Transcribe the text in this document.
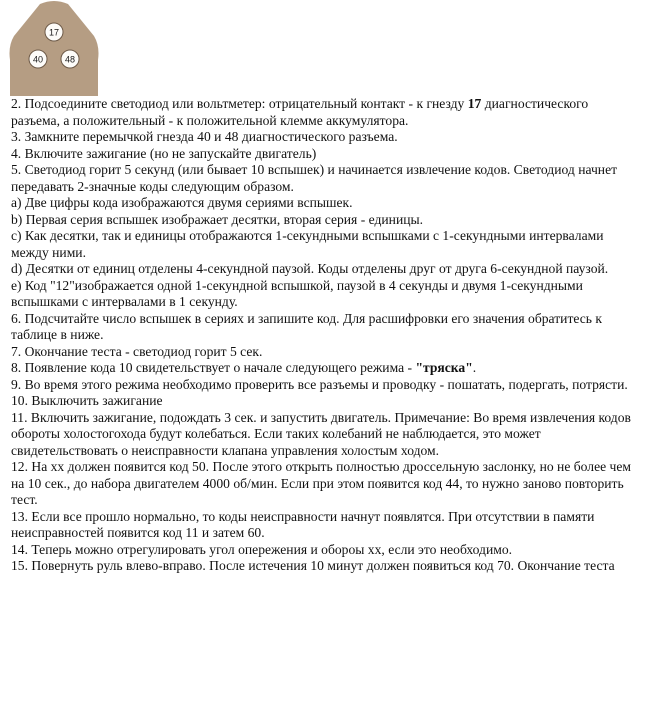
17
40 48

2. Подсоедините светодиод или вольтметер: отрицательный контакт - к гнезду 17 диагностического разъема, а положительный - к положительной клемме аккумулятора.

3. Замкните перемычкой гнезда 40 и 48 диагностического разъема.

4. Включите зажигание (но не запускайте двигатель)

5. Светодиод горит 5 секунд (или бывает 10 вспышек) и начинается извлечение кодов. Светодиод начнет передавать 2-значные коды следующим образом.

а) Две цифры кода изображаются двумя сериями вспышек.

b) Первая серия вспышек изображает десятки, вторая серия - единицы.

с) Как десятки, так и единицы отображаются 1-секундными вспышками с 1-секундными интервалами между ними.

d) Десятки от единиц отделены 4-секундной паузой. Коды отделены друг от друга 6-секундной паузой.

е) Код "12"изображается одной 1-секундной вспышкой, паузой в 4 секунды и двумя 1-секундными вспышками с интервалами в 1 секунду.

6. Подсчитайте число вспышек в сериях и запишите код. Для расшифровки его значения обратитесь к таблице в ниже.

7. Окончание теста - светодиод горит 5 сек.

8. Появление кода 10 свидетельствует о начале следующего режима - "тряска".

9. Во время этого режима необходимо проверить все разъемы и проводку - пошатать, подергать, потрясти.

10. Выключить зажигание

11. Включить зажигание, подождать 3 сек. и запустить двигатель. Примечание: Во время извлечения кодов обороты холостогохода будут колебаться. Если таких колебаний не наблюдается, это может свидетельствовать о неисправности клапана управления холостым ходом.

12. На хх должен появится код 50. После этого открыть полностью дроссельную заслонку, но не более чем на 10 сек., до набора двигателем 4000 об/мин. Если при этом появится код 44, то нужно заново повторить тест.

13. Если все прошло нормально, то коды неисправности начнут появлятся. При отсутствии в памяти неисправностей появится код 11 и затем 60.

14. Теперь можно отрегулировать угол опережения и обороы хх, если это необходимо.

15. Повернуть руль влево-вправо. После истечения 10 минут должен появиться код 70. Окончание теста
